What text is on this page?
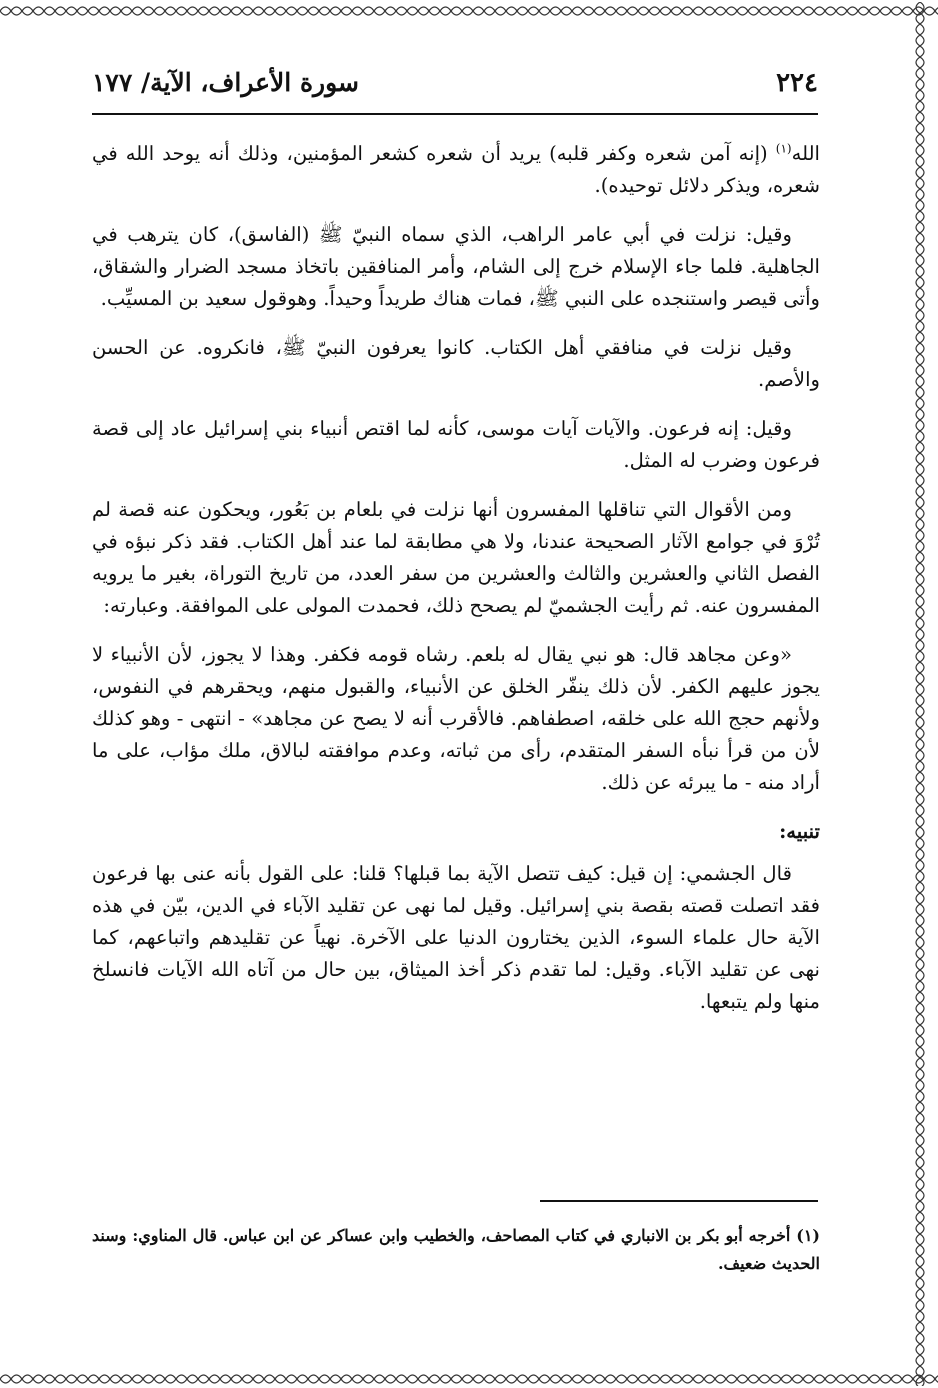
٢٢٤
سورة الأعراف، الآية/ ١٧٧

الله$^{(١)}$ (إنه آمن شعره وكفر قلبه) يريد أن شعره كشعر المؤمنين، وذلك أنه يوحد الله في شعره، ويذكر دلائل توحيده).

وقيل: نزلت في أبي عامر الراهب، الذي سماه النبيّ ﷺ (الفاسق)، كان يترهب في الجاهلية. فلما جاء الإسلام خرج إلى الشام، وأمر المنافقين باتخاذ مسجد الضرار والشقاق، وأتى قيصر واستنجده على النبي ﷺ، فمات هناك طريداً وحيداً. وهوقول سعيد بن المسيِّب.

وقيل نزلت في منافقي أهل الكتاب. كانوا يعرفون النبيّ ﷺ، فانكروه. عن الحسن والأصم.

وقيل: إنه فرعون. والآيات آيات موسى، كأنه لما اقتص أنبياء بني إسرائيل عاد إلى قصة فرعون وضرب له المثل.

ومن الأقوال التي تناقلها المفسرون أنها نزلت في بلعام بن بَعُور، ويحكون عنه قصة لم تُرْوَ في جوامع الآثار الصحيحة عندنا، ولا هي مطابقة لما عند أهل الكتاب. فقد ذكر نبؤه في الفصل الثاني والعشرين والثالث والعشرين من سفر العدد، من تاريخ التوراة، بغير ما يرويه المفسرون عنه. ثم رأيت الجشميّ لم يصحح ذلك، فحمدت المولى على الموافقة. وعبارته:

«وعن مجاهد قال: هو نبي يقال له بلعم. رشاه قومه فكفر. وهذا لا يجوز، لأن الأنبياء لا يجوز عليهم الكفر. لأن ذلك ينفّر الخلق عن الأنبياء، والقبول منهم، ويحقرهم في النفوس، ولأنهم حجج الله على خلقه، اصطفاهم. فالأقرب أنه لا يصح عن مجاهد» - انتهى - وهو كذلك لأن من قرأ نبأه السفر المتقدم، رأى من ثباته، وعدم موافقته لبالاق، ملك مؤاب، على ما أراد منه - ما يبرئه عن ذلك.

تنبيه:

قال الجشمي: إن قيل: كيف تتصل الآية بما قبلها؟ قلنا: على القول بأنه عنى بها فرعون فقد اتصلت قصته بقصة بني إسرائيل. وقيل لما نهى عن تقليد الآباء في الدين، بيّن في هذه الآية حال علماء السوء، الذين يختارون الدنيا على الآخرة. نهياً عن تقليدهم واتباعهم، كما نهى عن تقليد الآباء. وقيل: لما تقدم ذكر أخذ الميثاق، بين حال من آتاه الله الآيات فانسلخ منها ولم يتبعها.

(١) أخرجه أبو بكر بن الانباري في كتاب المصاحف، والخطيب وابن عساكر عن ابن عباس. قال المناوي: وسند الحديث ضعيف.
